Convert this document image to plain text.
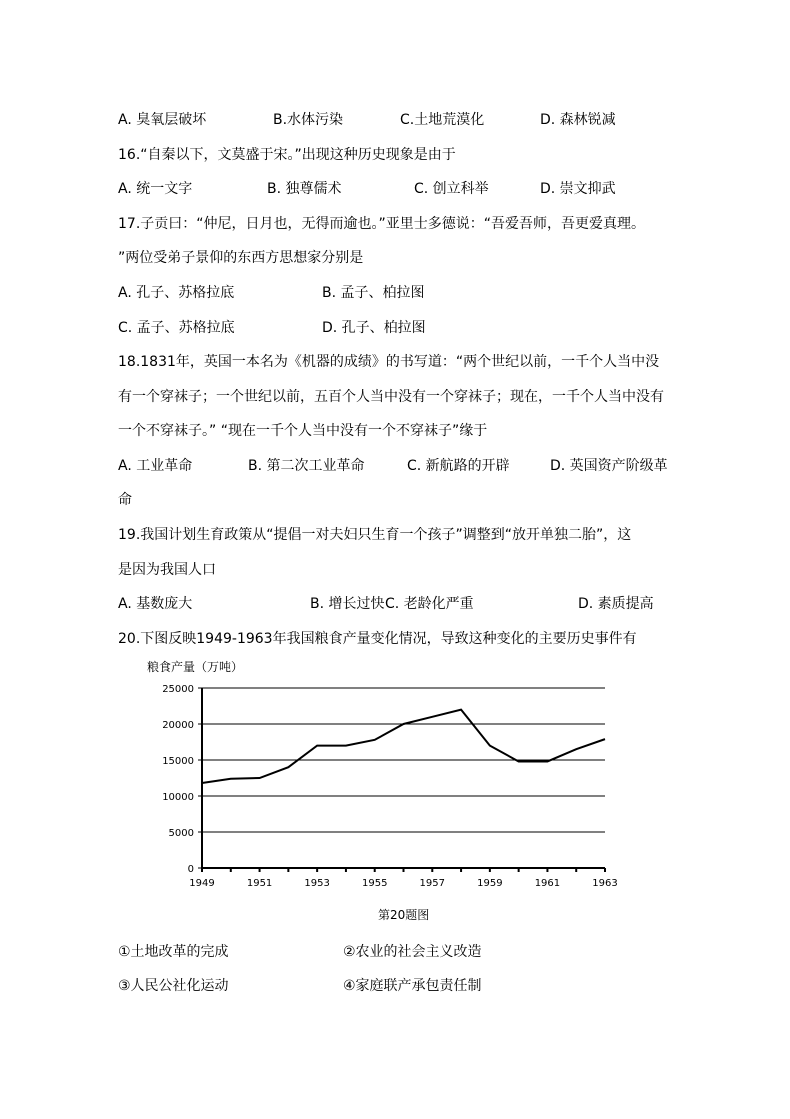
A. 臭氧层破坏	B.水体污染	C.土地荒漠化	D. 森林锐减
16.“自秦以下，文莫盛于宋。”出现这种历史现象是由于
A. 统一文字	B. 独尊儒术	C. 创立科举	D. 崇文抑武
17.子贡曰：“仲尼，日月也，无得而逾也。”亚里士多德说：“吾爱吾师，吾更爱真理。
”两位受弟子景仰的东西方思想家分别是
A. 孔子、苏格拉底	B. 孟子、柏拉图
C. 孟子、苏格拉底	D. 孔子、柏拉图
18.1831年，英国一本名为《机器的成绩》的书写道：“两个世纪以前，一千个人当中没
有一个穿袜子；一个世纪以前，五百个人当中没有一个穿袜子；现在，一千个人当中没有
一个不穿袜子。” “现在一千个人当中没有一个不穿袜子”缘于
A. 工业革命	B. 第二次工业革命	C. 新航路的开辟	D. 英国资产阶级革
命
19.我国计划生育政策从“提倡一对夫妇只生育一个孩子”调整到“放开单独二胎”，这
是因为我国人口
A. 基数庞大	B. 增长过快 C. 老龄化严重	D. 素质提高
20.下图反映1949-1963年我国粮食产量变化情况，导致这种变化的主要历史事件有
粮食产量（万吨）
0
5000
10000
15000
20000
25000
1949	1951	1953	1955	1957	1959	1961	1963
第20题图
①土地改革的完成	②农业的社会主义改造
③人民公社化运动	④家庭联产承包责任制
